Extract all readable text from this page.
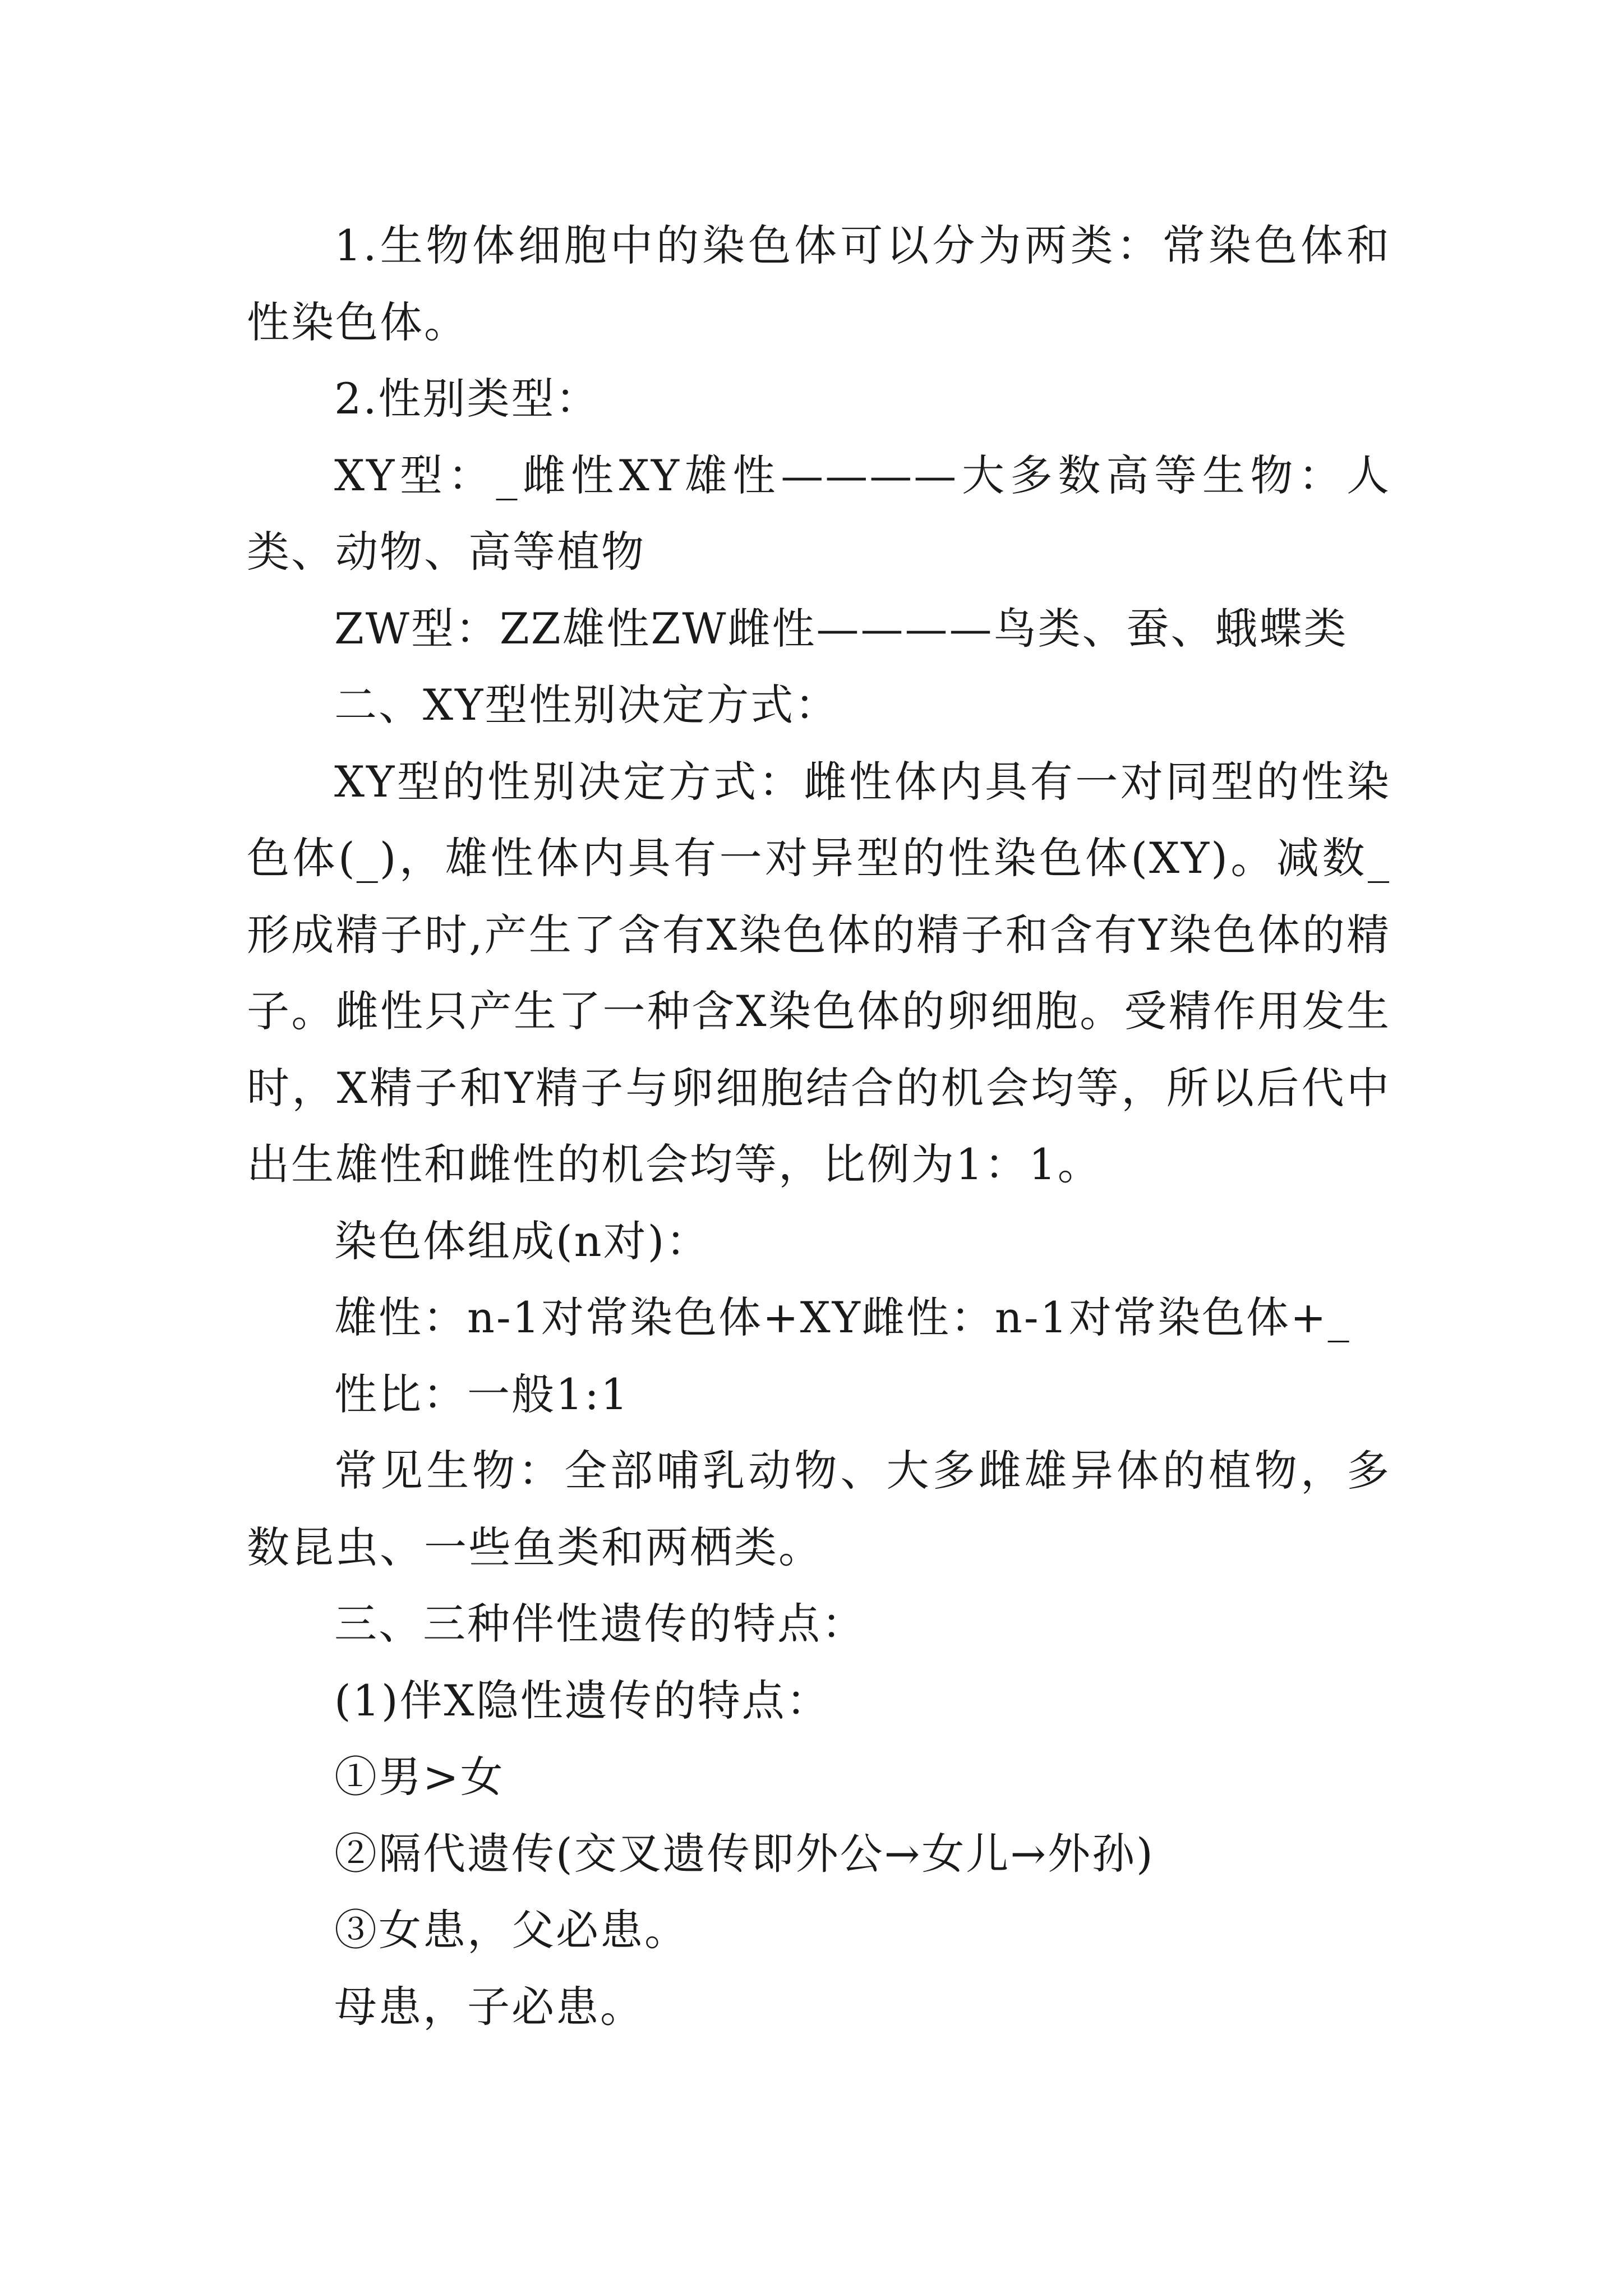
1.生物体细胞中的染色体可以分为两类：常染色体和性染色体。

2.性别类型：

XY型：_雌性XY雄性————大多数高等生物：人类、动物、高等植物

ZW型：ZZ雄性ZW雌性————鸟类、蚕、蛾蝶类

二、XY型性别决定方式：

XY型的性别决定方式：雌性体内具有一对同型的性染色体(_)，雄性体内具有一对异型的性染色体(XY)。减数_形成精子时,产生了含有X染色体的精子和含有Y染色体的精子。雌性只产生了一种含X染色体的卵细胞。受精作用发生时，X精子和Y精子与卵细胞结合的机会均等，所以后代中出生雄性和雌性的机会均等，比例为1：1。

染色体组成(n对)：

雄性：n-1对常染色体+XY雌性：n-1对常染色体+_

性比：一般1:1

常见生物：全部哺乳动物、大多雌雄异体的植物，多数昆虫、一些鱼类和两栖类。

三、三种伴性遗传的特点：

(1)伴X隐性遗传的特点：

①男>女

②隔代遗传(交叉遗传即外公→女儿→外孙)

③女患，父必患。

母患，子必患。
